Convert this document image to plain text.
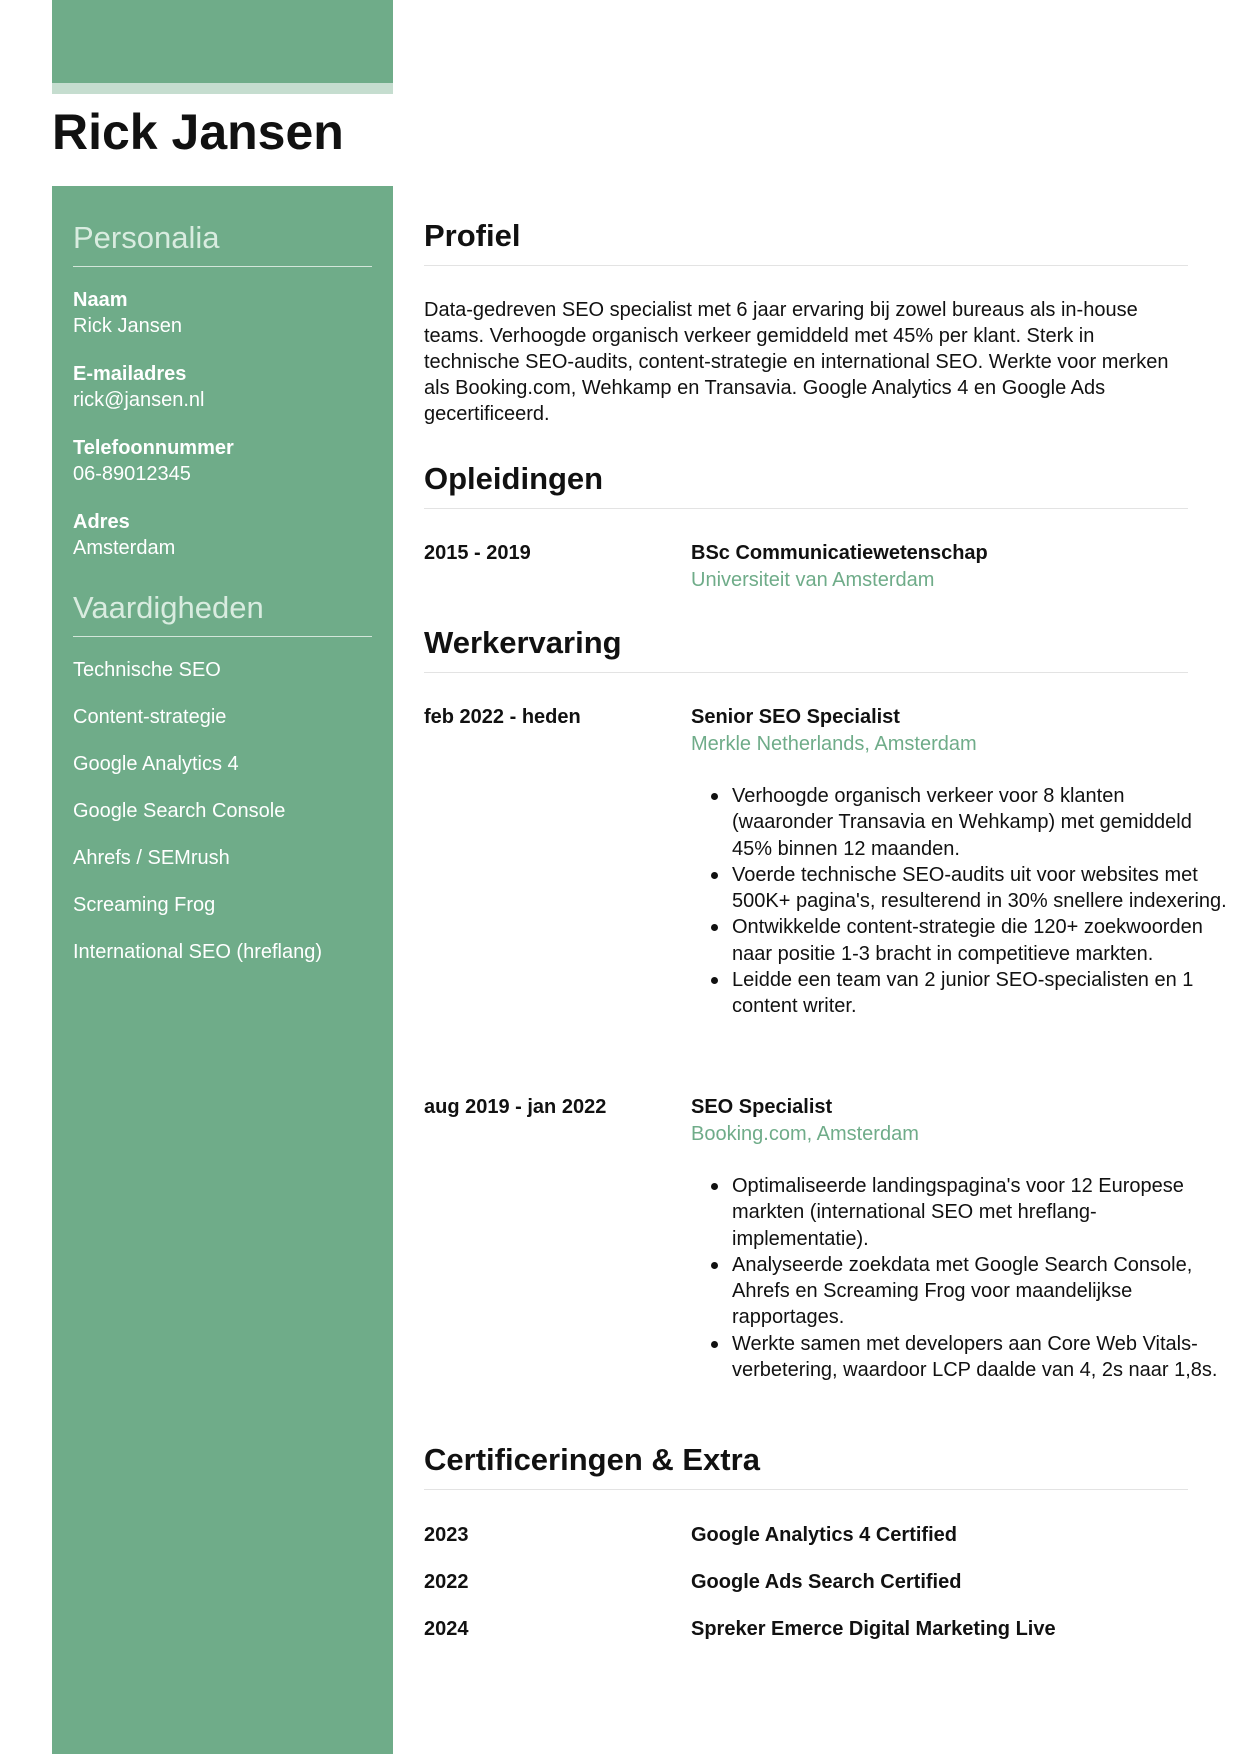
Rick Jansen
Personalia
Naam
Rick Jansen
E-mailadres
rick@jansen.nl
Telefoonnummer
06-89012345
Adres
Amsterdam
Vaardigheden
Technische SEO
Content-strategie
Google Analytics 4
Google Search Console
Ahrefs / SEMrush
Screaming Frog
International SEO (hreflang)
Profiel
Data-gedreven SEO specialist met 6 jaar ervaring bij zowel bureaus als in-house teams. Verhoogde organisch verkeer gemiddeld met 45% per klant. Sterk in technische SEO-audits, content-strategie en international SEO. Werkte voor merken als Booking.com, Wehkamp en Transavia. Google Analytics 4 en Google Ads gecertificeerd.
Opleidingen
2015 - 2019	BSc Communicatiewetenschap
Universiteit van Amsterdam
Werkervaring
feb 2022 - heden	Senior SEO Specialist
Merkle Netherlands, Amsterdam
Verhoogde organisch verkeer voor 8 klanten (waaronder Transavia en Wehkamp) met gemiddeld 45% binnen 12 maanden.
Voerde technische SEO-audits uit voor websites met 500K+ pagina's, resulterend in 30% snellere indexering.
Ontwikkelde content-strategie die 120+ zoekwoorden naar positie 1-3 bracht in competitieve markten.
Leidde een team van 2 junior SEO-specialisten en 1 content writer.
aug 2019 - jan 2022	SEO Specialist
Booking.com, Amsterdam
Optimaliseerde landingspagina's voor 12 Europese markten (international SEO met hreflang-implementatie).
Analyseerde zoekdata met Google Search Console, Ahrefs en Screaming Frog voor maandelijkse rapportages.
Werkte samen met developers aan Core Web Vitals-verbetering, waardoor LCP daalde van 4, 2s naar 1,8s.
Certificeringen & Extra
2023	Google Analytics 4 Certified
2022	Google Ads Search Certified
2024	Spreker Emerce Digital Marketing Live
